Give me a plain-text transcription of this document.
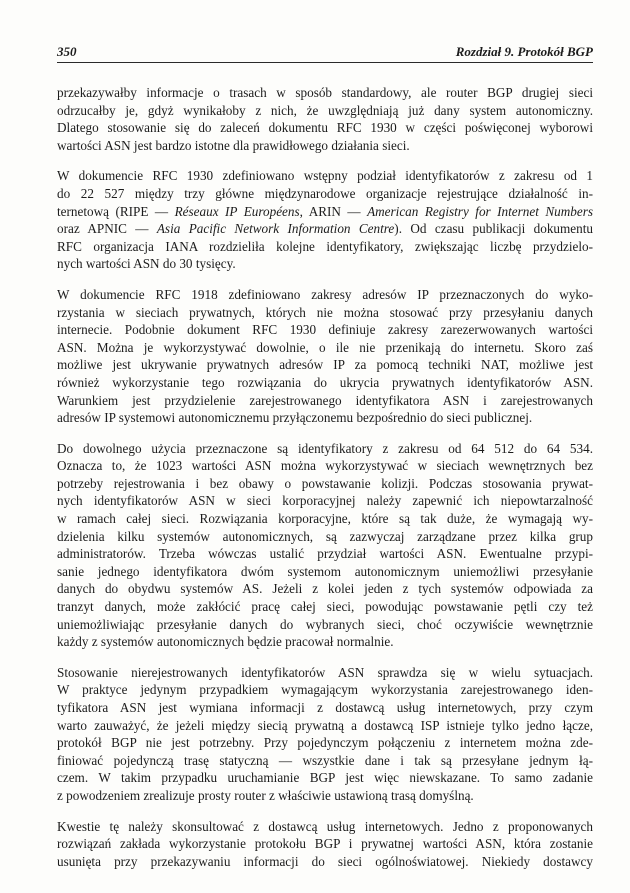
350	Rozdział 9. Protokół BGP

przekazywałby informacje o trasach w sposób standardowy, ale router BGP drugiej sieci
odrzucałby je, gdyż wynikałoby z nich, że uwzględniają już dany system autonomiczny.
Dlatego stosowanie się do zaleceń dokumentu RFC 1930 w części poświęconej wyborowi
wartości ASN jest bardzo istotne dla prawidłowego działania sieci.

W dokumencie RFC 1930 zdefiniowano wstępny podział identyfikatorów z zakresu od 1
do 22 527 między trzy główne międzynarodowe organizacje rejestrujące działalność in-
ternetową (RIPE — Réseaux IP Européens, ARIN — American Registry for Internet Numbers
oraz APNIC — Asia Pacific Network Information Centre). Od czasu publikacji dokumentu
RFC organizacja IANA rozdzieliła kolejne identyfikatory, zwiększając liczbę przydzielo-
nych wartości ASN do 30 tysięcy.

W dokumencie RFC 1918 zdefiniowano zakresy adresów IP przeznaczonych do wyko-
rzystania w sieciach prywatnych, których nie można stosować przy przesyłaniu danych
internecie. Podobnie dokument RFC 1930 definiuje zakresy zarezerwowanych wartości
ASN. Można je wykorzystywać dowolnie, o ile nie przenikają do internetu. Skoro zaś
możliwe jest ukrywanie prywatnych adresów IP za pomocą techniki NAT, możliwe jest
również wykorzystanie tego rozwiązania do ukrycia prywatnych identyfikatorów ASN.
Warunkiem jest przydzielenie zarejestrowanego identyfikatora ASN i zarejestrowanych
adresów IP systemowi autonomicznemu przyłączonemu bezpośrednio do sieci publicznej.

Do dowolnego użycia przeznaczone są identyfikatory z zakresu od 64 512 do 64 534.
Oznacza to, że 1023 wartości ASN można wykorzystywać w sieciach wewnętrznych bez
potrzeby rejestrowania i bez obawy o powstawanie kolizji. Podczas stosowania prywat-
nych identyfikatorów ASN w sieci korporacyjnej należy zapewnić ich niepowtarzalność
w ramach całej sieci. Rozwiązania korporacyjne, które są tak duże, że wymagają wy-
dzielenia kilku systemów autonomicznych, są zazwyczaj zarządzane przez kilka grup
administratorów. Trzeba wówczas ustalić przydział wartości ASN. Ewentualne przypi-
sanie jednego identyfikatora dwóm systemom autonomicznym uniemożliwi przesyłanie
danych do obydwu systemów AS. Jeżeli z kolei jeden z tych systemów odpowiada za
tranzyt danych, może zakłócić pracę całej sieci, powodując powstawanie pętli czy też
uniemożliwiając przesyłanie danych do wybranych sieci, choć oczywiście wewnętrznie
każdy z systemów autonomicznych będzie pracował normalnie.

Stosowanie nierejestrowanych identyfikatorów ASN sprawdza się w wielu sytuacjach.
W praktyce jedynym przypadkiem wymagającym wykorzystania zarejestrowanego iden-
tyfikatora ASN jest wymiana informacji z dostawcą usług internetowych, przy czym
warto zauważyć, że jeżeli między siecią prywatną a dostawcą ISP istnieje tylko jedno łącze,
protokół BGP nie jest potrzebny. Przy pojedynczym połączeniu z internetem można zde-
finiować pojedynczą trasę statyczną — wszystkie dane i tak są przesyłane jednym łą-
czem. W takim przypadku uruchamianie BGP jest więc niewskazane. To samo zadanie
z powodzeniem zrealizuje prosty router z właściwie ustawioną trasą domyślną.

Kwestie tę należy skonsultować z dostawcą usług internetowych. Jedno z proponowanych
rozwiązań zakłada wykorzystanie protokołu BGP i prywatnej wartości ASN, która zostanie
usunięta przy przekazywaniu informacji do sieci ogólnoświatowej. Niekiedy dostawcy
